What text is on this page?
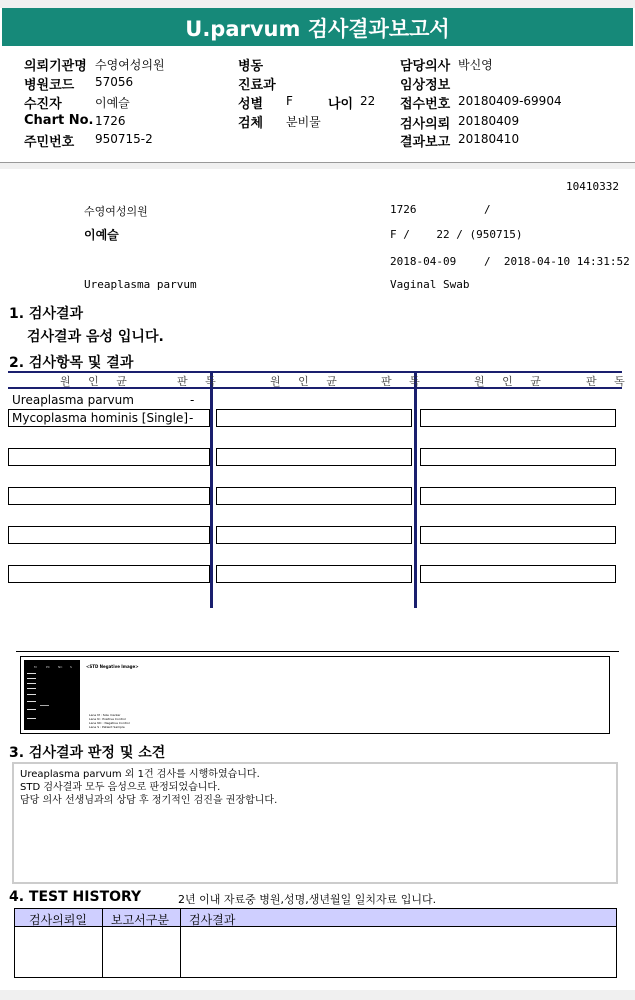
U.parvum 검사결과보고서
의뢰기관명 수영여성의원	병동	담당의사 박신영
병원코드 57056	진료과	임상정보
수진자	이예슬	성별 F	나이 22 접수번호 20180409-69904
Chart No. 1726	검체 분비물	검사의뢰 20180409
주민번호 950715-2	결과보고 20180410
10410332
수영여성의원	1726	/
이예슬	F /    22 / (950715)
2018-04-09	/  2018-04-10 14:31:52
Ureaplasma parvum	Vaginal Swab
1. 검사결과
검사결과 음성 입니다.
2. 검사항목 및 결과
원 인 균	판 독	원 인 균	판 독	원 인 균	판 독
Ureaplasma parvum	-
Mycoplasma hominis [Single] -
M	PC	NC	S	<STD Negative Image>
Lane M : Size marker
Lane N : Positive Control
Lane NC : Negative Control
Lane S : Patient Sample
3. 검사결과 판정 및 소견
Ureaplasma parvum 외 1건 검사를 시행하였습니다.
STD 검사결과 모두 음성으로 판정되었습니다.
담당 의사 선생님과의 상담 후 정기적인 검진을 권장합니다.
4. TEST HISTORY	2년 이내 자료중 병원,성명,생년월일 일치자료 입니다.
검사의뢰일 보고서구분 검사결과
